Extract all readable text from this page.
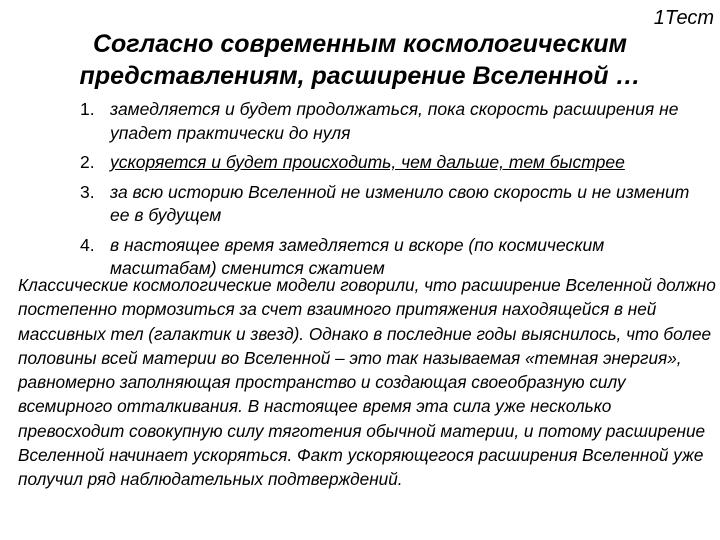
1Тест
Согласно современным космологическим
представлениям, расширение Вселенной …
1. замедляется и будет продолжаться, пока скорость расширения не упадет практически до нуля
2. ускоряется и будет происходить, чем дальше, тем быстрее
3. за всю историю Вселенной не изменило свою скорость и не изменит ее в будущем
4. в настоящее время замедляется и вскоре (по космическим масштабам) сменится сжатием

Классические космологические модели говорили, что расширение Вселенной должно постепенно тормозиться за счет взаимного притяжения находящейся в ней массивных тел (галактик и звезд). Однако в последние годы выяснилось, что более половины всей материи во Вселенной – это так называемая «темная энергия», равномерно заполняющая пространство и создающая своеобразную силу всемирного отталкивания. В настоящее время эта сила уже несколько превосходит совокупную силу тяготения обычной материи, и потому расширение Вселенной начинает ускоряться. Факт ускоряющегося расширения Вселенной уже получил ряд наблюдательных подтверждений.
